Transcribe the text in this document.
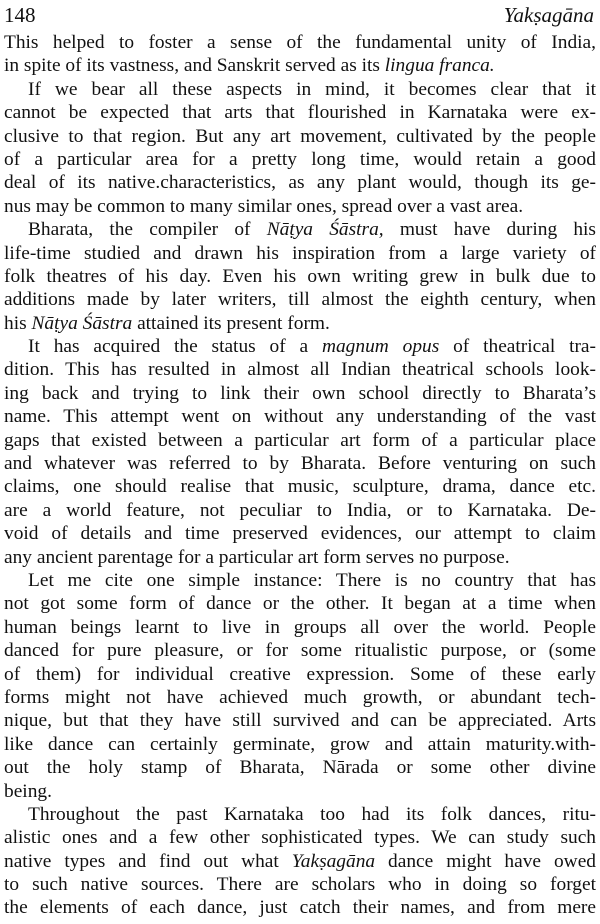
148	Yakṣagāna
This helped to foster a sense of the fundamental unity of India,
in spite of its vastness, and Sanskrit served as its lingua franca.
If we bear all these aspects in mind, it becomes clear that it
cannot be expected that arts that flourished in Karnataka were ex-
clusive to that region. But any art movement, cultivated by the people
of a particular area for a pretty long time, would retain a good
deal of its native.characteristics, as any plant would, though its ge-
nus may be common to many similar ones, spread over a vast area.
Bharata, the compiler of Nāṭya Śāstra, must have during his
life-time studied and drawn his inspiration from a large variety of
folk theatres of his day. Even his own writing grew in bulk due to
additions made by later writers, till almost the eighth century, when
his Nāṭya Śāstra attained its present form.
It has acquired the status of a magnum opus of theatrical tra-
dition. This has resulted in almost all Indian theatrical schools look-
ing back and trying to link their own school directly to Bharata’s
name. This attempt went on without any understanding of the vast
gaps that existed between a particular art form of a particular place
and whatever was referred to by Bharata. Before venturing on such
claims, one should realise that music, sculpture, drama, dance etc.
are a world feature, not peculiar to India, or to Karnataka. De-
void of details and time preserved evidences, our attempt to claim
any ancient parentage for a particular art form serves no purpose.
Let me cite one simple instance: There is no country that has
not got some form of dance or the other. It began at a time when
human beings learnt to live in groups all over the world. People
danced for pure pleasure, or for some ritualistic purpose, or (some
of them) for individual creative expression. Some of these early
forms might not have achieved much growth, or abundant tech-
nique, but that they have still survived and can be appreciated. Arts
like dance can certainly germinate, grow and attain maturity.with-
out the holy stamp of Bharata, Nārada or some other divine
being.
Throughout the past Karnataka too had its folk dances, ritu-
alistic ones and a few other sophisticated types. We can study such
native types and find out what Yakṣagāna dance might have owed
to such native sources. There are scholars who in doing so forget
the elements of each dance, just catch their names, and from mere
